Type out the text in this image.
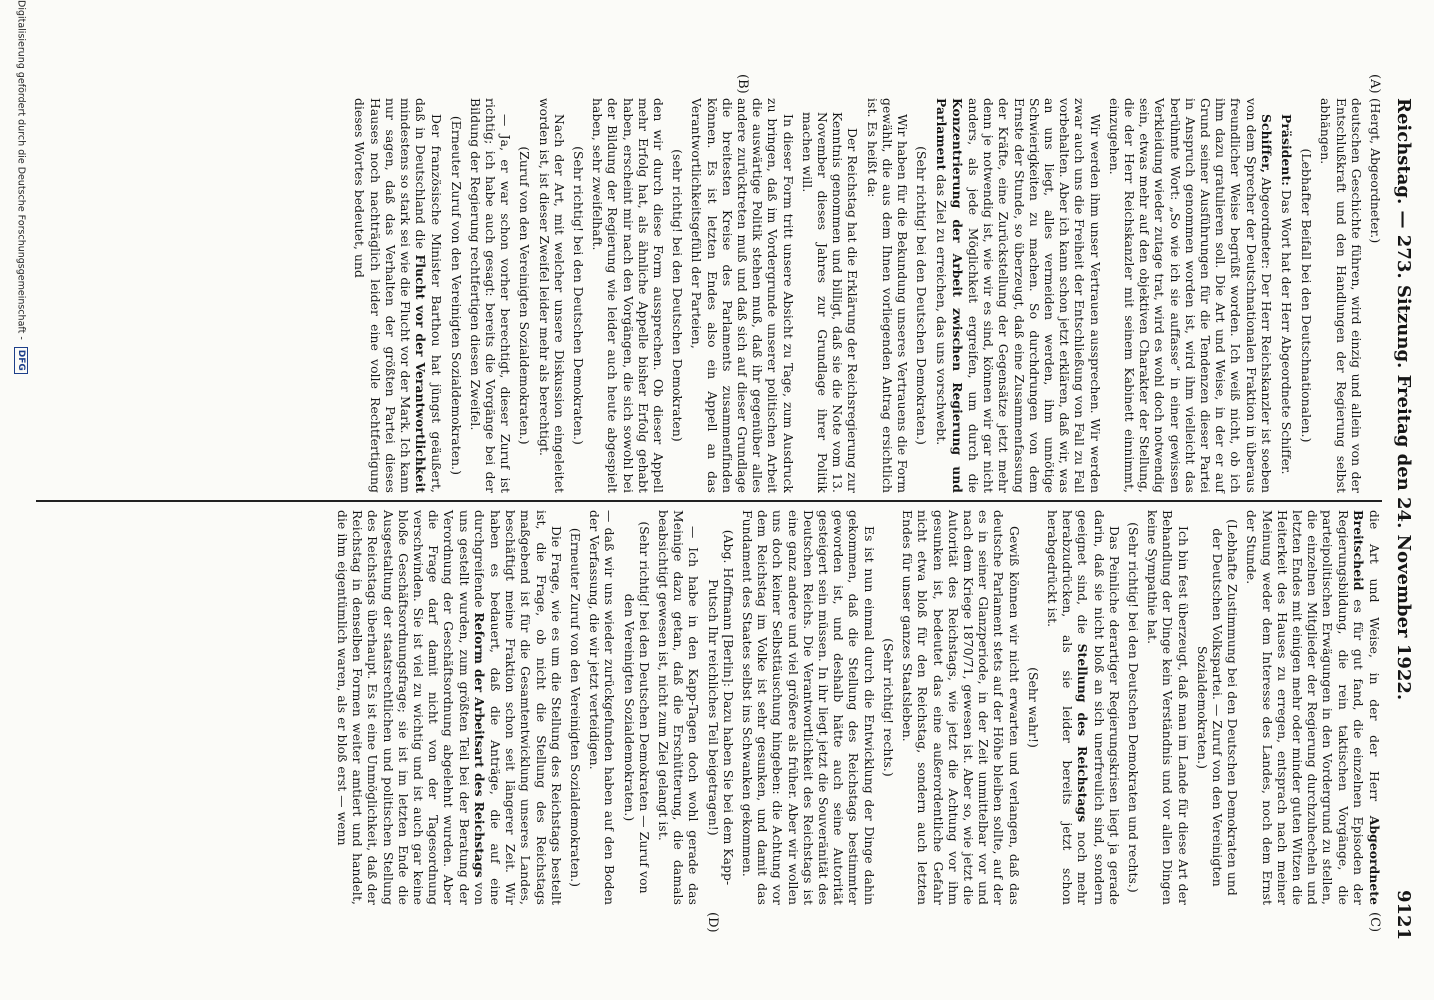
Reichstag. — 273. Sitzung. Freitag den 24. November 1922.
9121
(A)
(B)
(C)
(D)

(Hergt, Abgeordneter.)

deutschen Geschichte führen, wird einzig und allein von der Entschlußkraft und den Handlungen der Regierung selbst abhängen.

(Lebhafter Beifall bei den Deutschnationalen.)

Präsident: Das Wort hat der Herr Abgeordnete Schiffer.

Schiffer, Abgeordneter: Der Herr Reichskanzler ist soeben von dem Sprecher der Deutschnationalen Fraktion in überaus freundlicher Weise begrüßt worden. Ich weiß nicht, ob ich ihm dazu gratulieren soll. Die Art und Weise, in der er auf Grund seiner Ausführungen für die Tendenzen dieser Partei in Anspruch genommen worden ist, wird ihm vielleicht das berühmte Wort: „So wie ich sie auffasse“ in einer gewissen Verkleidung wieder zutage trat, wird es wohl doch notwendig sein, etwas mehr auf den objektiven Charakter der Stellung, die der Herr Reichskanzler mit seinem Kabinett einnimmt, einzugehen.

Wir werden ihm unser Vertrauen aussprechen. Wir werden zwar auch uns die Freiheit der Entschließung von Fall zu Fall vorbehalten. Aber ich kann schon jetzt erklären, daß wir, was an uns liegt, alles vermeiden werden, ihm unnötige Schwierigkeiten zu machen. So durchdrungen von dem Ernste der Stunde, so überzeugt, daß eine Zusammenfassung der Kräfte, eine Zurückstellung der Gegensätze jetzt mehr denn je notwendig ist, wie wir es sind, können wir gar nicht anders, als jede Möglichkeit ergreifen, um durch die Konzentrierung der Arbeit zwischen Regierung und Parlament das Ziel zu erreichen, das uns vorschwebt.

(Sehr richtig! bei den Deutschen Demokraten.)

Wir haben für die Bekundung unseres Vertrauens die Form gewählt, die aus dem Ihnen vorliegenden Antrag ersichtlich ist. Es heißt da:

Der Reichstag hat die Erklärung der Reichsregierung zur Kenntnis genommen und billigt, daß sie die Note vom 13. November dieses Jahres zur Grundlage ihrer Politik machen will.

In dieser Form tritt unsere Absicht zu Tage, zum Ausdruck zu bringen, daß im Vordergrunde unserer politischen Arbeit die auswärtige Politik stehen muß, daß ihr gegenüber alles andere zurücktreten muß und daß sich auf dieser Grundlage die breitesten Kreise des Parlaments zusammenfinden können. Es ist letzten Endes also ein Appell an das Verantwortlichkeitsgefühl der Parteien,

(sehr richtig! bei den Deutschen Demokraten)

den wir durch diese Form aussprechen. Ob dieser Appell mehr Erfolg hat, als ähnliche Appelle bisher Erfolg gehabt haben, erscheint mir nach den Vorgängen, die sich sowohl bei der Bildung der Regierung wie leider auch heute abgespielt haben, sehr zweifelhaft.

(Sehr richtig! bei den Deutschen Demokraten.)

Nach der Art, mit welcher unsere Diskussion eingeleitet worden ist, ist dieser Zweifel leider mehr als berechtigt.

(Zuruf von den Vereinigten Sozialdemokraten.)

— Ja, er war schon vorher berechtigt, dieser Zuruf ist richtig; ich habe auch gesagt: bereits die Vorgänge bei der Bildung der Regierung rechtfertigen diesen Zweifel.

(Erneuter Zuruf von den Vereinigten Sozialdemokraten.)

Der französische Minister Barthou hat jüngst geäußert, daß in Deutschland die Flucht vor der Verantwortlichkeit mindestens so stark sei wie die Flucht vor der Mark. Ich kann nur sagen, daß das Verhalten der größten Partei dieses Hauses noch nachträglich leider eine volle Rechtfertigung dieses Wortes bedeutet, und

die Art und Weise, in der der Herr Abgeordnete Breitscheid es für gut fand, die einzelnen Episoden der Regierungsbildung, die rein taktischen Vorgänge, die parteipolitischen Erwägungen in den Vordergrund zu stellen, die einzelnen Mitglieder der Regierung durchzuhecheln und letzten Endes mit einigen mehr oder minder guten Witzen die Heiterkeit des Hauses zu erregen, entsprach nach meiner Meinung weder dem Interesse des Landes, noch dem Ernst der Stunde.

(Lebhafte Zustimmung bei den Deutschen Demokraten und der Deutschen Volkspartei. — Zuruf von den Vereinigten Sozialdemokraten.)

Ich bin fest überzeugt, daß man im Lande für diese Art der Behandlung der Dinge kein Verständnis und vor allen Dingen keine Sympathie hat.

(Sehr richtig! bei den Deutschen Demokraten und rechts.)

Das Peinliche derartiger Regierungskrisen liegt ja gerade darin, daß sie nicht bloß an sich unerfreulich sind, sondern geeignet sind, die Stellung des Reichstags noch mehr herabzudrücken, als sie leider bereits jetzt schon herabgedrückt ist.

(Sehr wahr!)

Gewiß können wir nicht erwarten und verlangen, daß das deutsche Parlament stets auf der Höhe bleiben sollte, auf der es in seiner Glanzperiode, in der Zeit unmittelbar vor und nach dem Kriege 1870/71, gewesen ist. Aber so, wie jetzt die Autorität des Reichstags, wie jetzt die Achtung vor ihm gesunken ist, bedeutet das eine außerordentliche Gefahr nicht etwa bloß für den Reichstag, sondern auch letzten Endes für unser ganzes Staatsleben.

(Sehr richtig! rechts.)

Es ist nun einmal durch die Entwicklung der Dinge dahin gekommen, daß die Stellung des Reichstags bestimmter geworden ist, und deshalb hätte auch seine Autorität gesteigert sein müssen. In ihr liegt jetzt die Souveränität des Deutschen Reichs. Die Verantwortlichkeit des Reichstags ist eine ganz andere und viel größere als früher. Aber wir wollen uns doch keiner Selbsttäuschung hingeben: die Achtung vor dem Reichstag im Volke ist sehr gesunken, und damit das Fundament des Staates selbst ins Schwanken gekommen.

(Abg. Hoffmann [Berlin]: Dazu haben Sie bei dem Kapp-Putsch Ihr reichliches Teil beigetragen!)

— Ich habe in den Kapp-Tagen doch wohl gerade das Meinige dazu getan, daß die Erschütterung, die damals beabsichtigt gewesen ist, nicht zum Ziel gelangt ist.

(Sehr richtig! bei den Deutschen Demokraten — Zuruf von den Vereinigten Sozialdemokraten.)

— daß wir uns wieder zurückgefunden haben auf den Boden der Verfassung, die wir jetzt verteidigen.

(Erneuter Zuruf von den Vereinigten Sozialdemokraten.)

Die Frage, wie es um die Stellung des Reichstags bestellt ist, die Frage, ob nicht die Stellung des Reichstags maßgebend ist für die Gesamtentwicklung unseres Landes, beschäftigt meine Fraktion schon seit längerer Zeit. Wir haben es bedauert, daß die Anträge, die auf eine durchgreifende Reform der Arbeitsart des Reichstags von uns gestellt wurden, zum größten Teil bei der Beratung der Verordnung der Geschäftsordnung abgelehnt wurden. Aber die Frage darf damit nicht von der Tagesordnung verschwinden. Sie ist viel zu wichtig und ist auch gar keine bloße Geschäftsordnungsfrage; sie ist im letzten Ende die Ausgestaltung der staatsrechtlichen und politischen Stellung des Reichstags überhaupt. Es ist eine Unmöglichkeit, daß der Reichstag in denselben Formen weiter amtiert und handelt, die ihm eigentümlich waren, als er bloß erst — wenn

Digitalisierung gefördert durch die Deutsche Forschungsgemeinschaft - DFG
